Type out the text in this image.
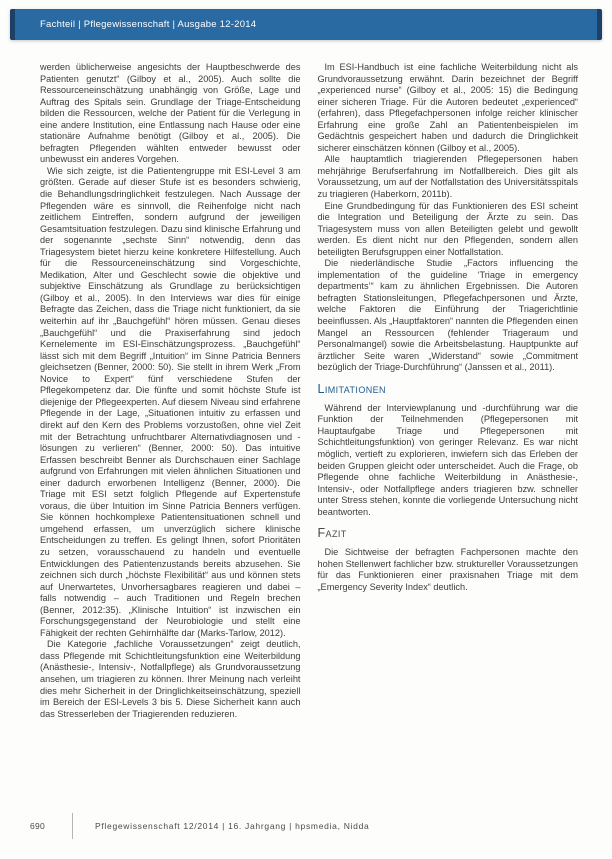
Fachteil | Pflegewissenschaft | Ausgabe 12-2014

werden üblicherweise angesichts der Hauptbeschwerde des Patienten genutzt“ (Gilboy et al., 2005). Auch sollte die Ressourceneinschätzung unabhängig von Größe, Lage und Auftrag des Spitals sein. Grundlage der Triage-Entscheidung bilden die Ressourcen, welche der Patient für die Verlegung in eine andere Institution, eine Entlassung nach Hause oder eine stationäre Aufnahme benötigt (Gilboy et al., 2005). Die befragten Pflegenden wählten entweder bewusst oder unbewusst ein anderes Vorgehen.

Wie sich zeigte, ist die Patientengruppe mit ESI-Level 3 am größten. Gerade auf dieser Stufe ist es besonders schwierig, die Behandlungsdringlichkeit festzulegen. Nach Aussage der Pflegenden wäre es sinnvoll, die Reihenfolge nicht nach zeitlichem Eintreffen, sondern aufgrund der jeweiligen Gesamtsituation festzulegen. Dazu sind klinische Erfahrung und der sogenannte „sechste Sinn“ notwendig, denn das Triagesystem bietet hierzu keine konkretere Hilfestellung. Auch für die Ressourceneinschätzung sind Vorgeschichte, Medikation, Alter und Geschlecht sowie die objektive und subjektive Einschätzung als Grundlage zu berücksichtigen (Gilboy et al., 2005). In den Interviews war dies für einige Befragte das Zeichen, dass die Triage nicht funktioniert, da sie weiterhin auf ihr „Bauchgefühl“ hören müssen. Genau dieses „Bauchgefühl“ und die Praxiserfahrung sind jedoch Kernelemente im ESI-Einschätzungsprozess. „Bauchgefühl“ lässt sich mit dem Begriff „Intuition“ im Sinne Patricia Benners gleichsetzen (Benner, 2000: 50). Sie stellt in ihrem Werk „From Novice to Expert“ fünf verschiedene Stufen der Pflegekompetenz dar. Die fünfte und somit höchste Stufe ist diejenige der Pflegeexperten. Auf diesem Niveau sind erfahrene Pflegende in der Lage, „Situationen intuitiv zu erfassen und direkt auf den Kern des Problems vorzustoßen, ohne viel Zeit mit der Betrachtung unfruchtbarer Alternativdiagnosen und -lösungen zu verlieren“ (Benner, 2000: 50). Das intuitive Erfassen beschreibt Benner als Durchschauen einer Sachlage aufgrund von Erfahrungen mit vielen ähnlichen Situationen und einer dadurch erworbenen Intelligenz (Benner, 2000). Die Triage mit ESI setzt folglich Pflegende auf Expertenstufe voraus, die über Intuition im Sinne Patricia Benners verfügen. Sie können hochkomplexe Patientensituationen schnell und umgehend erfassen, um unverzüglich sichere klinische Entscheidungen zu treffen. Es gelingt Ihnen, sofort Prioritäten zu setzen, vorausschauend zu handeln und eventuelle Entwicklungen des Patientenzustands bereits abzusehen. Sie zeichnen sich durch „höchste Flexibilität“ aus und können stets auf Unerwartetes, Unvorhersagbares reagieren und dabei – falls notwendig – auch Traditionen und Regeln brechen (Benner, 2012:35). „Klinische Intuition“ ist inzwischen ein Forschungsgegenstand der Neurobiologie und stellt eine Fähigkeit der rechten Gehirnhälfte dar (Marks-Tarlow, 2012).

Die Kategorie „fachliche Voraussetzungen“ zeigt deutlich, dass Pflegende mit Schichtleitungsfunktion eine Weiterbildung (Anästhesie-, Intensiv-, Notfallpflege) als Grundvoraussetzung ansehen, um triagieren zu können. Ihrer Meinung nach verleiht dies mehr Sicherheit in der Dringlichkeitseinschätzung, speziell im Bereich der ESI-Levels 3 bis 5. Diese Sicherheit kann auch das Stresserleben der Triagierenden reduzieren.

Im ESI-Handbuch ist eine fachliche Weiterbildung nicht als Grundvoraussetzung erwähnt. Darin bezeichnet der Begriff „experienced nurse“ (Gilboy et al., 2005: 15) die Bedingung einer sicheren Triage. Für die Autoren bedeutet „experienced“ (erfahren), dass Pflegefachpersonen infolge reicher klinischer Erfahrung eine große Zahl an Patientenbeispielen im Gedächtnis gespeichert haben und dadurch die Dringlichkeit sicherer einschätzen können (Gilboy et al., 2005).

Alle hauptamtlich triagierenden Pflegepersonen haben mehrjährige Berufserfahrung im Notfallbereich. Dies gilt als Voraussetzung, um auf der Notfallstation des Universitätsspitals zu triagieren (Haberkorn, 2011b).

Eine Grundbedingung für das Funktionieren des ESI scheint die Integration und Beteiligung der Ärzte zu sein. Das Triagesystem muss von allen Beteiligten gelebt und gewollt werden. Es dient nicht nur den Pflegenden, sondern allen beteiligten Berufsgruppen einer Notfallstation.

Die niederländische Studie „Factors influencing the implementation of the guideline ‘Triage in emergency departments’“ kam zu ähnlichen Ergebnissen. Die Autoren befragten Stationsleitungen, Pflegefachpersonen und Ärzte, welche Faktoren die Einführung der Triagerichtlinie beeinflussen. Als „Hauptfaktoren“ nannten die Pflegenden einen Mangel an Ressourcen (fehlender Triageraum und Personalmangel) sowie die Arbeitsbelastung. Hauptpunkte auf ärztlicher Seite waren „Widerstand“ sowie „Commitment bezüglich der Triage-Durchführung“ (Janssen et al., 2011).

Limitationen

Während der Interviewplanung und -durchführung war die Funktion der Teilnehmenden (Pflegepersonen mit Hauptaufgabe Triage und Pflegepersonen mit Schichtleitungsfunktion) von geringer Relevanz. Es war nicht möglich, vertieft zu explorieren, inwiefern sich das Erleben der beiden Gruppen gleicht oder unterscheidet. Auch die Frage, ob Pflegende ohne fachliche Weiterbildung in Anästhesie-, Intensiv-, oder Notfallpflege anders triagieren bzw. schneller unter Stress stehen, konnte die vorliegende Untersuchung nicht beantworten.

Fazit

Die Sichtweise der befragten Fachpersonen machte den hohen Stellenwert fachlicher bzw. struktureller Voraussetzungen für das Funktionieren einer praxisnahen Triage mit dem „Emergency Severity Index“ deutlich.

690	Pflegewissenschaft 12/2014 | 16. Jahrgang | hpsmedia, Nidda
